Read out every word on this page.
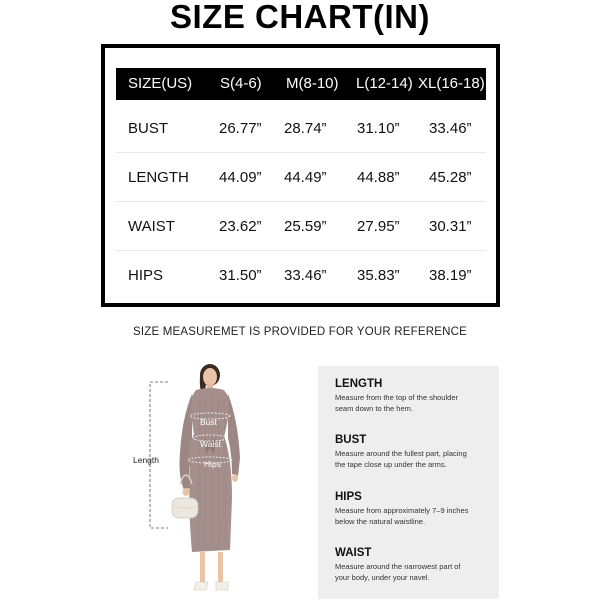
SIZE CHART(IN)
SIZE(US) S(4-6) M(8-10) L(12-14) XL(16-18)
BUST	26.77” 28.74” 31.10” 33.46”
LENGTH 44.09” 44.49” 44.88” 45.28”
WAIST	23.62” 25.59” 27.95” 30.31”
HIPS	31.50” 33.46” 35.83” 38.19”
SIZE MEASUREMET IS PROVIDED FOR YOUR REFERENCE
Length
Bust
Waist
Hips
LENGTH

Measure from the top of the shoulder
seam down to the hem.

BUST

Measure around the fullest part, placing
the tape close up under the arms.

HIPS

Measure from approximately 7–9 inches
below the natural waistline.

WAIST

Measure around the narrowest part of
your body, under your navel.
